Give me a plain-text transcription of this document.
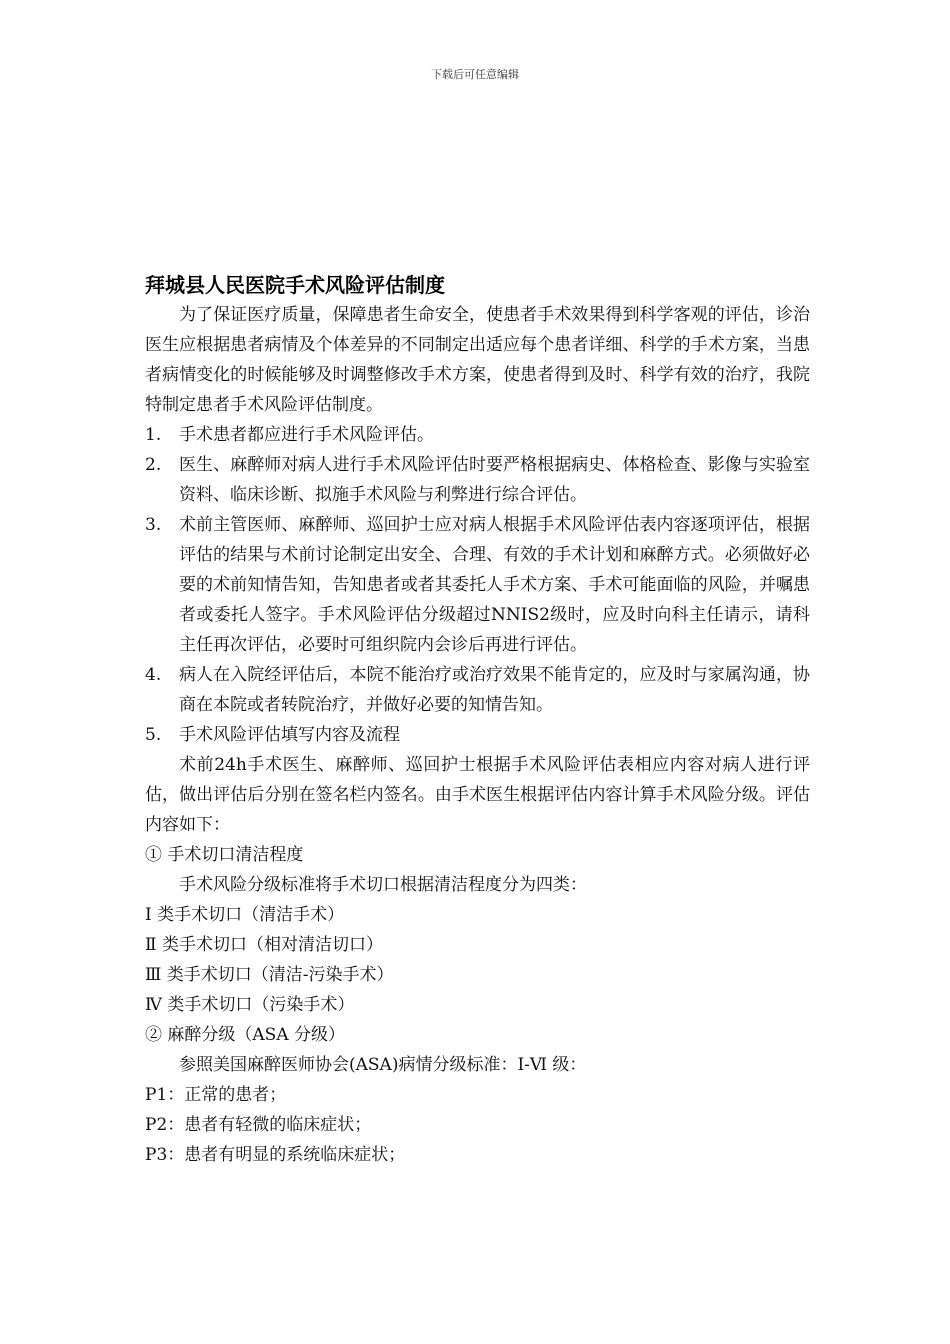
下载后可任意编辑
拜城县人民医院手术风险评估制度

为了保证医疗质量，保障患者生命安全，使患者手术效果得到科学客观的评估，诊治医生应根据患者病情及个体差异的不同制定出适应每个患者详细、科学的手术方案，当患者病情变化的时候能够及时调整修改手术方案，使患者得到及时、科学有效的治疗，我院特制定患者手术风险评估制度。

1.	手术患者都应进行手术风险评估。
2.	医生、麻醉师对病人进行手术风险评估时要严格根据病史、体格检查、影像与实验室资料、临床诊断、拟施手术风险与利弊进行综合评估。
3.	术前主管医师、麻醉师、巡回护士应对病人根据手术风险评估表内容逐项评估，根据评估的结果与术前讨论制定出安全、合理、有效的手术计划和麻醉方式。必须做好必要的术前知情告知，告知患者或者其委托人手术方案、手术可能面临的风险，并嘱患者或委托人签字。手术风险评估分级超过NNIS2级时，应及时向科主任请示，请科主任再次评估，必要时可组织院内会诊后再进行评估。
4.	病人在入院经评估后，本院不能治疗或治疗效果不能肯定的，应及时与家属沟通，协商在本院或者转院治疗，并做好必要的知情告知。
5.	手术风险评估填写内容及流程

术前24h手术医生、麻醉师、巡回护士根据手术风险评估表相应内容对病人进行评估，做出评估后分别在签名栏内签名。由手术医生根据评估内容计算手术风险分级。评估内容如下：

① 手术切口清洁程度
手术风险分级标准将手术切口根据清洁程度分为四类：
Ⅰ 类手术切口（清洁手术）
Ⅱ 类手术切口（相对清洁切口）
Ⅲ 类手术切口（清洁-污染手术）
Ⅳ 类手术切口（污染手术）
② 麻醉分级（ASA 分级）
参照美国麻醉医师协会(ASA)病情分级标准：I-Ⅵ 级：
P1：正常的患者；
P2：患者有轻微的临床症状；
P3：患者有明显的系统临床症状；
